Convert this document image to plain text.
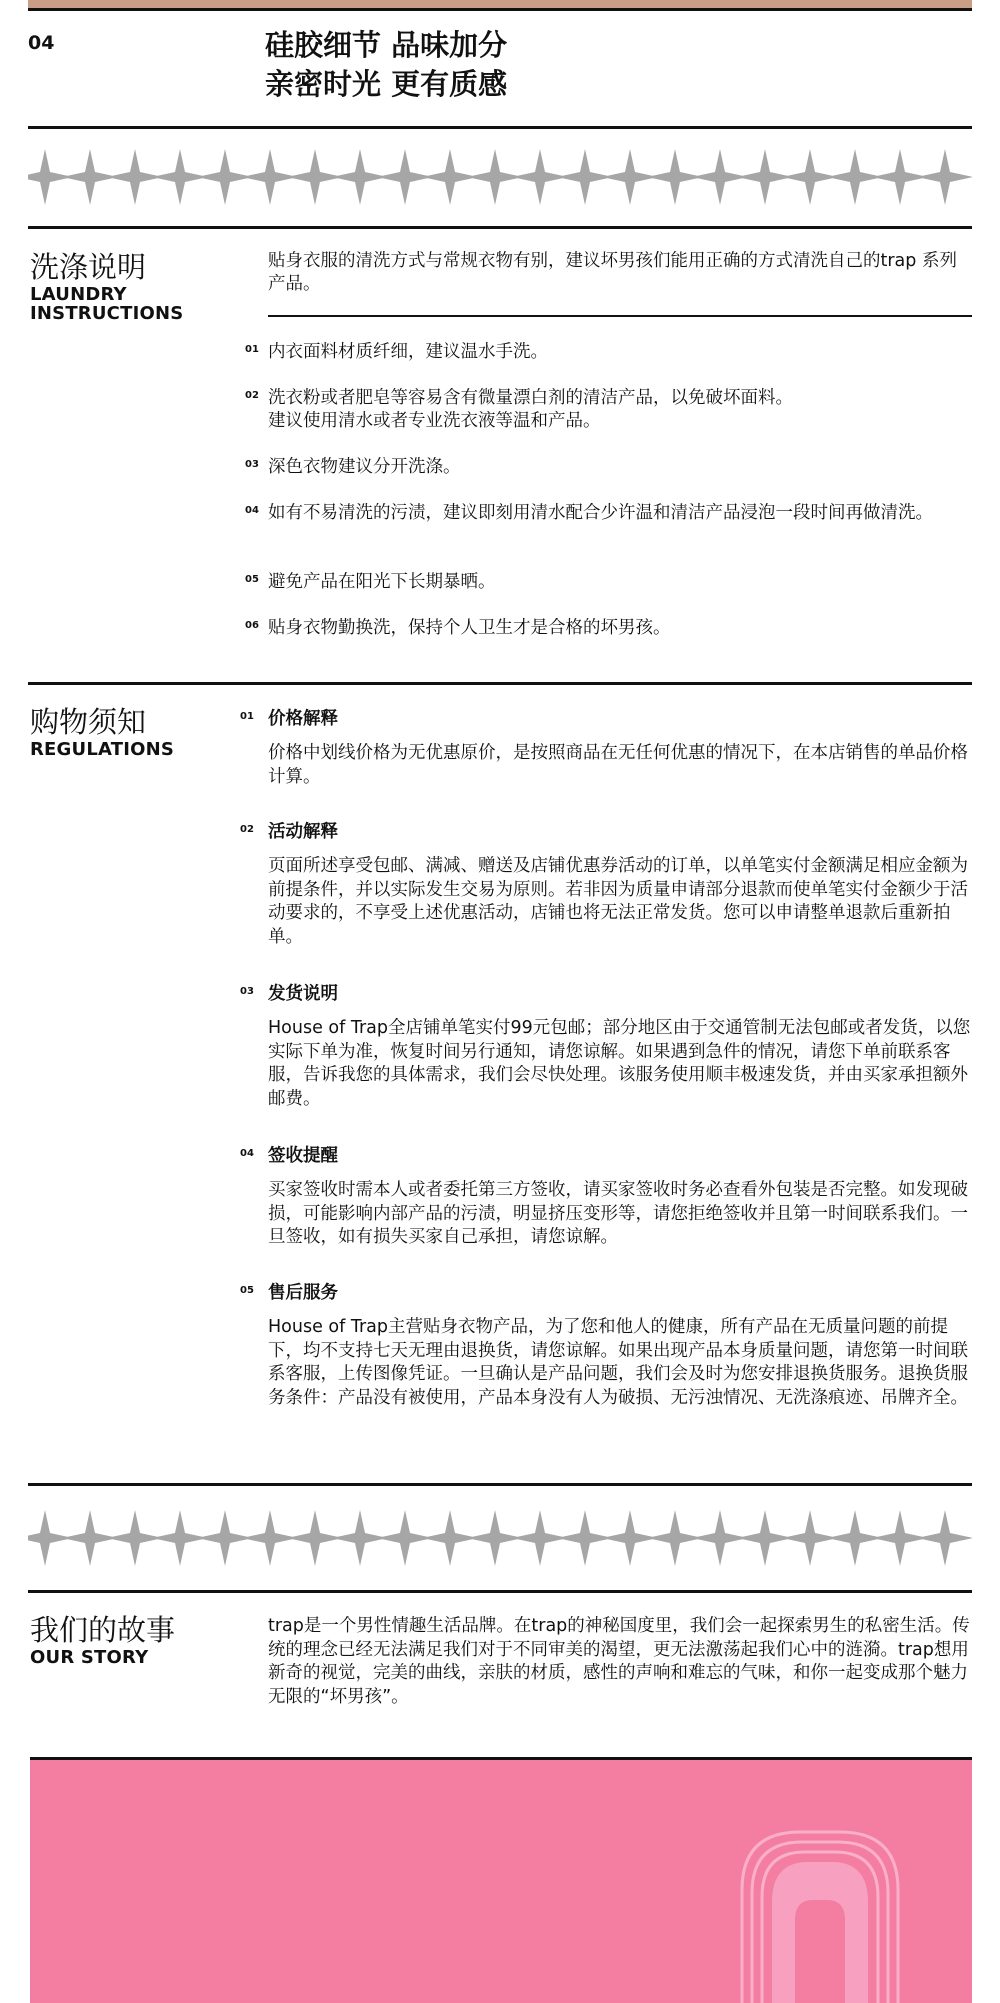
04	硅胶细节 品味加分
亲密时光 更有质感
洗涤说明

LAUNDRY

INSTRUCTIONS

贴身衣服的清洗方式与常规衣物有别，建议坏男孩们能用正确的方式清洗自己的trap 系列产品。

01 内衣面料材质纤细，建议温水手洗。
02 洗衣粉或者肥皂等容易含有微量漂白剂的清洁产品，以免破坏面料。
建议使用清水或者专业洗衣液等温和产品。
03 深色衣物建议分开洗涤。
04 如有不易清洗的污渍，建议即刻用清水配合少许温和清洁产品浸泡一段时间再做清洗。
05 避免产品在阳光下长期暴晒。
06 贴身衣物勤换洗，保持个人卫生才是合格的坏男孩。
购物须知

REGULATIONS

01 价格解释

价格中划线价格为无优惠原价，是按照商品在无任何优惠的情况下，在本店销售的单品价格计算。

02 活动解释

页面所述享受包邮、满减、赠送及店铺优惠券活动的订单，以单笔实付金额满足相应金额为前提条件，并以实际发生交易为原则。若非因为质量申请部分退款而使单笔实付金额少于活动要求的，不享受上述优惠活动，店铺也将无法正常发货。您可以申请整单退款后重新拍单。

03 发货说明

House of Trap全店铺单笔实付99元包邮；部分地区由于交通管制无法包邮或者发货，以您实际下单为准，恢复时间另行通知，请您谅解。如果遇到急件的情况，请您下单前联系客服，告诉我您的具体需求，我们会尽快处理。该服务使用顺丰极速发货，并由买家承担额外邮费。

04 签收提醒

买家签收时需本人或者委托第三方签收，请买家签收时务必查看外包装是否完整。如发现破损，可能影响内部产品的污渍，明显挤压变形等，请您拒绝签收并且第一时间联系我们。一旦签收，如有损失买家自己承担，请您谅解。

05 售后服务

House of Trap主营贴身衣物产品，为了您和他人的健康，所有产品在无质量问题的前提下，均不支持七天无理由退换货，请您谅解。如果出现产品本身质量问题，请您第一时间联系客服，上传图像凭证。一旦确认是产品问题，我们会及时为您安排退换货服务。退换货服务条件：产品没有被使用，产品本身没有人为破损、无污浊情况、无洗涤痕迹、吊牌齐全。

我们的故事

OUR STORY

trap是一个男性情趣生活品牌。在trap的神秘国度里，我们会一起探索男生的私密生活。传统的理念已经无法满足我们对于不同审美的渴望，更无法激荡起我们心中的涟漪。trap想用新奇的视觉，完美的曲线，亲肤的材质，感性的声响和难忘的气味，和你一起变成那个魅力无限的“坏男孩”。
